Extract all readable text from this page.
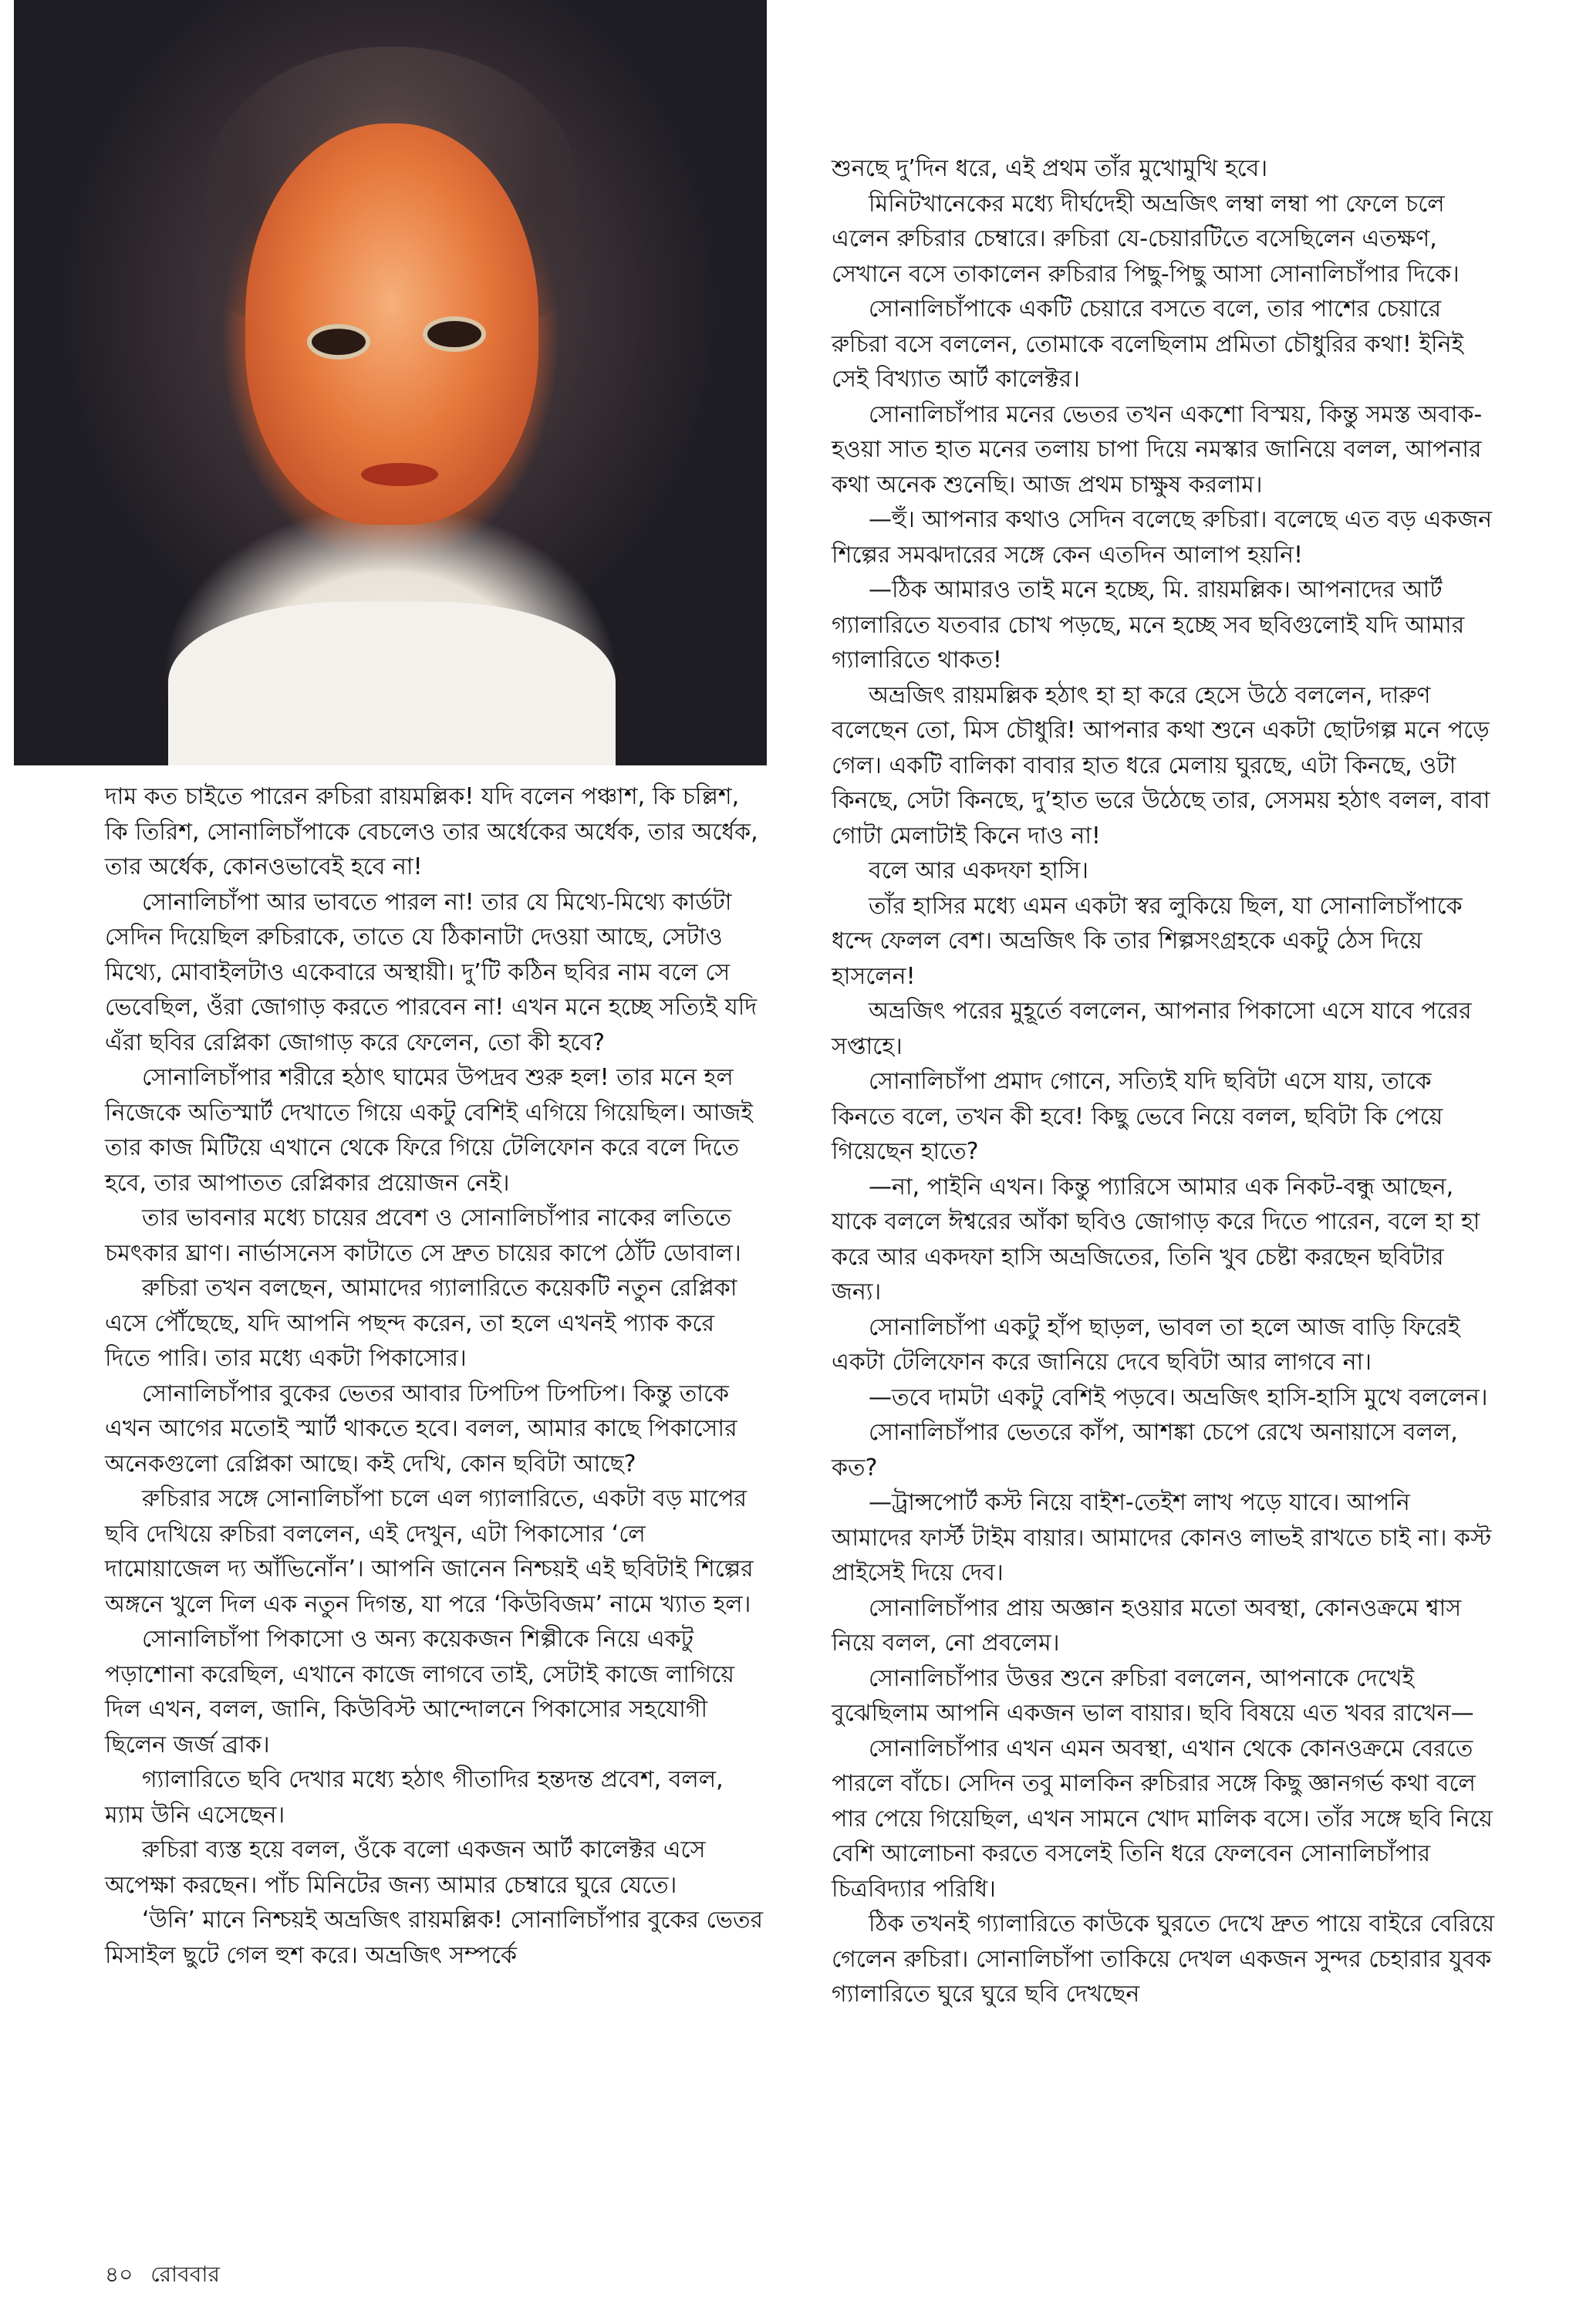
দাম কত চাইতে পারেন রুচিরা রায়মল্লিক! যদি বলেন পঞ্চাশ, কি চল্লিশ, কি তিরিশ, সোনালিচাঁপাকে বেচলেও তার অর্ধেকের অর্ধেক, তার অর্ধেক, তার অর্ধেক, কোনওভাবেই হবে না!

সোনালিচাঁপা আর ভাবতে পারল না! তার যে মিথ্যে-মিথ্যে কার্ডটা সেদিন দিয়েছিল রুচিরাকে, তাতে যে ঠিকানাটা দেওয়া আছে, সেটাও মিথ্যে, মোবাইলটাও একেবারে অস্থায়ী। দু’টি কঠিন ছবির নাম বলে সে ভেবেছিল, ওঁরা জোগাড় করতে পারবেন না! এখন মনে হচ্ছে সত্যিই যদি এঁরা ছবির রেপ্লিকা জোগাড় করে ফেলেন, তো কী হবে?

সোনালিচাঁপার শরীরে হঠাৎ ঘামের উপদ্রব শুরু হল! তার মনে হল নিজেকে অতিস্মার্ট দেখাতে গিয়ে একটু বেশিই এগিয়ে গিয়েছিল। আজই তার কাজ মিটিয়ে এখানে থেকে ফিরে গিয়ে টেলিফোন করে বলে দিতে হবে, তার আপাতত রেপ্লিকার প্রয়োজন নেই।

তার ভাবনার মধ্যে চায়ের প্রবেশ ও সোনালিচাঁপার নাকের লতিতে চমৎকার ঘ্রাণ। নার্ভাসনেস কাটাতে সে দ্রুত চায়ের কাপে ঠোঁট ডোবাল।

রুচিরা তখন বলছেন, আমাদের গ্যালারিতে কয়েকটি নতুন রেপ্লিকা এসে পৌঁছেছে, যদি আপনি পছন্দ করেন, তা হলে এখনই প্যাক করে দিতে পারি। তার মধ্যে একটা পিকাসোর।

সোনালিচাঁপার বুকের ভেতর আবার ঢিপঢিপ ঢিপঢিপ। কিন্তু তাকে এখন আগের মতোই স্মার্ট থাকতে হবে। বলল, আমার কাছে পিকাসোর অনেকগুলো রেপ্লিকা আছে। কই দেখি, কোন ছবিটা আছে?

রুচিরার সঙ্গে সোনালিচাঁপা চলে এল গ্যালারিতে, একটা বড় মাপের ছবি দেখিয়ে রুচিরা বললেন, এই দেখুন, এটা পিকাসোর ‘লে দামোয়াজেল দ্য আঁভিনোঁন’। আপনি জানেন নিশ্চয়ই এই ছবিটাই শিল্পের অঙ্গনে খুলে দিল এক নতুন দিগন্ত, যা পরে ‘কিউবিজম’ নামে খ্যাত হল।

সোনালিচাঁপা পিকাসো ও অন্য কয়েকজন শিল্পীকে নিয়ে একটু পড়াশোনা করেছিল, এখানে কাজে লাগবে তাই, সেটাই কাজে লাগিয়ে দিল এখন, বলল, জানি, কিউবিস্ট আন্দোলনে পিকাসোর সহযোগী ছিলেন জর্জ ব্রাক।

গ্যালারিতে ছবি দেখার মধ্যে হঠাৎ গীতাদির হন্তদন্ত প্রবেশ, বলল, ম্যাম উনি এসেছেন।

রুচিরা ব্যস্ত হয়ে বলল, ওঁকে বলো একজন আর্ট কালেক্টর এসে অপেক্ষা করছেন। পাঁচ মিনিটের জন্য আমার চেম্বারে ঘুরে যেতে।

‘উনি’ মানে নিশ্চয়ই অভ্রজিৎ রায়মল্লিক! সোনালিচাঁপার বুকের ভেতর মিসাইল ছুটে গেল হুশ করে। অভ্রজিৎ সম্পর্কে

শুনছে দু’দিন ধরে, এই প্রথম তাঁর মুখোমুখি হবে।

মিনিটখানেকের মধ্যে দীর্ঘদেহী অভ্রজিৎ লম্বা লম্বা পা ফেলে চলে এলেন রুচিরার চেম্বারে। রুচিরা যে-চেয়ারটিতে বসেছিলেন এতক্ষণ, সেখানে বসে তাকালেন রুচিরার পিছু-পিছু আসা সোনালিচাঁপার দিকে।

সোনালিচাঁপাকে একটি চেয়ারে বসতে বলে, তার পাশের চেয়ারে রুচিরা বসে বললেন, তোমাকে বলেছিলাম প্রমিতা চৌধুরির কথা! ইনিই সেই বিখ্যাত আর্ট কালেক্টর।

সোনালিচাঁপার মনের ভেতর তখন একশো বিস্ময়, কিন্তু সমস্ত অবাক-হওয়া সাত হাত মনের তলায় চাপা দিয়ে নমস্কার জানিয়ে বলল, আপনার কথা অনেক শুনেছি। আজ প্রথম চাক্ষুষ করলাম।

—হুঁ। আপনার কথাও সেদিন বলেছে রুচিরা। বলেছে এত বড় একজন শিল্পের সমঝদারের সঙ্গে কেন এতদিন আলাপ হয়নি!

—ঠিক আমারও তাই মনে হচ্ছে, মি. রায়মল্লিক। আপনাদের আর্ট গ্যালারিতে যতবার চোখ পড়ছে, মনে হচ্ছে সব ছবিগুলোই যদি আমার গ্যালারিতে থাকত!

অভ্রজিৎ রায়মল্লিক হঠাৎ হা হা করে হেসে উঠে বললেন, দারুণ বলেছেন তো, মিস চৌধুরি! আপনার কথা শুনে একটা ছোটগল্প মনে পড়ে গেল। একটি বালিকা বাবার হাত ধরে মেলায় ঘুরছে, এটা কিনছে, ওটা কিনছে, সেটা কিনছে, দু’হাত ভরে উঠেছে তার, সেসময় হঠাৎ বলল, বাবা গোটা মেলাটাই কিনে দাও না!

বলে আর একদফা হাসি।

তাঁর হাসির মধ্যে এমন একটা স্বর লুকিয়ে ছিল, যা সোনালিচাঁপাকে ধন্দে ফেলল বেশ। অভ্রজিৎ কি তার শিল্পসংগ্রহকে একটু ঠেস দিয়ে হাসলেন!

অভ্রজিৎ পরের মুহূর্তে বললেন, আপনার পিকাসো এসে যাবে পরের সপ্তাহে।

সোনালিচাঁপা প্রমাদ গোনে, সত্যিই যদি ছবিটা এসে যায়, তাকে কিনতে বলে, তখন কী হবে! কিছু ভেবে নিয়ে বলল, ছবিটা কি পেয়ে গিয়েছেন হাতে?

—না, পাইনি এখন। কিন্তু প্যারিসে আমার এক নিকট-বন্ধু আছেন, যাকে বললে ঈশ্বরের আঁকা ছবিও জোগাড় করে দিতে পারেন, বলে হা হা করে আর একদফা হাসি অভ্রজিতের, তিনি খুব চেষ্টা করছেন ছবিটার জন্য।

সোনালিচাঁপা একটু হাঁপ ছাড়ল, ভাবল তা হলে আজ বাড়ি ফিরেই একটা টেলিফোন করে জানিয়ে দেবে ছবিটা আর লাগবে না।

—তবে দামটা একটু বেশিই পড়বে। অভ্রজিৎ হাসি-হাসি মুখে বললেন।

সোনালিচাঁপার ভেতরে কাঁপ, আশঙ্কা চেপে রেখে অনায়াসে বলল, কত?

—ট্রান্সপোর্ট কস্ট নিয়ে বাইশ-তেইশ লাখ পড়ে যাবে। আপনি আমাদের ফার্স্ট টাইম বায়ার। আমাদের কোনও লাভই রাখতে চাই না। কস্ট প্রাইসেই দিয়ে দেব।

সোনালিচাঁপার প্রায় অজ্ঞান হওয়ার মতো অবস্থা, কোনওক্রমে শ্বাস নিয়ে বলল, নো প্রবলেম।

সোনালিচাঁপার উত্তর শুনে রুচিরা বললেন, আপনাকে দেখেই বুঝেছিলাম আপনি একজন ভাল বায়ার। ছবি বিষয়ে এত খবর রাখেন—

সোনালিচাঁপার এখন এমন অবস্থা, এখান থেকে কোনওক্রমে বেরতে পারলে বাঁচে। সেদিন তবু মালকিন রুচিরার সঙ্গে কিছু জ্ঞানগর্ভ কথা বলে পার পেয়ে গিয়েছিল, এখন সামনে খোদ মালিক বসে। তাঁর সঙ্গে ছবি নিয়ে বেশি আলোচনা করতে বসলেই তিনি ধরে ফেলবেন সোনালিচাঁপার চিত্রবিদ্যার পরিধি।

ঠিক তখনই গ্যালারিতে কাউকে ঘুরতে দেখে দ্রুত পায়ে বাইরে বেরিয়ে গেলেন রুচিরা। সোনালিচাঁপা তাকিয়ে দেখল একজন সুন্দর চেহারার যুবক গ্যালারিতে ঘুরে ঘুরে ছবি দেখছেন

৪০ রোববার
